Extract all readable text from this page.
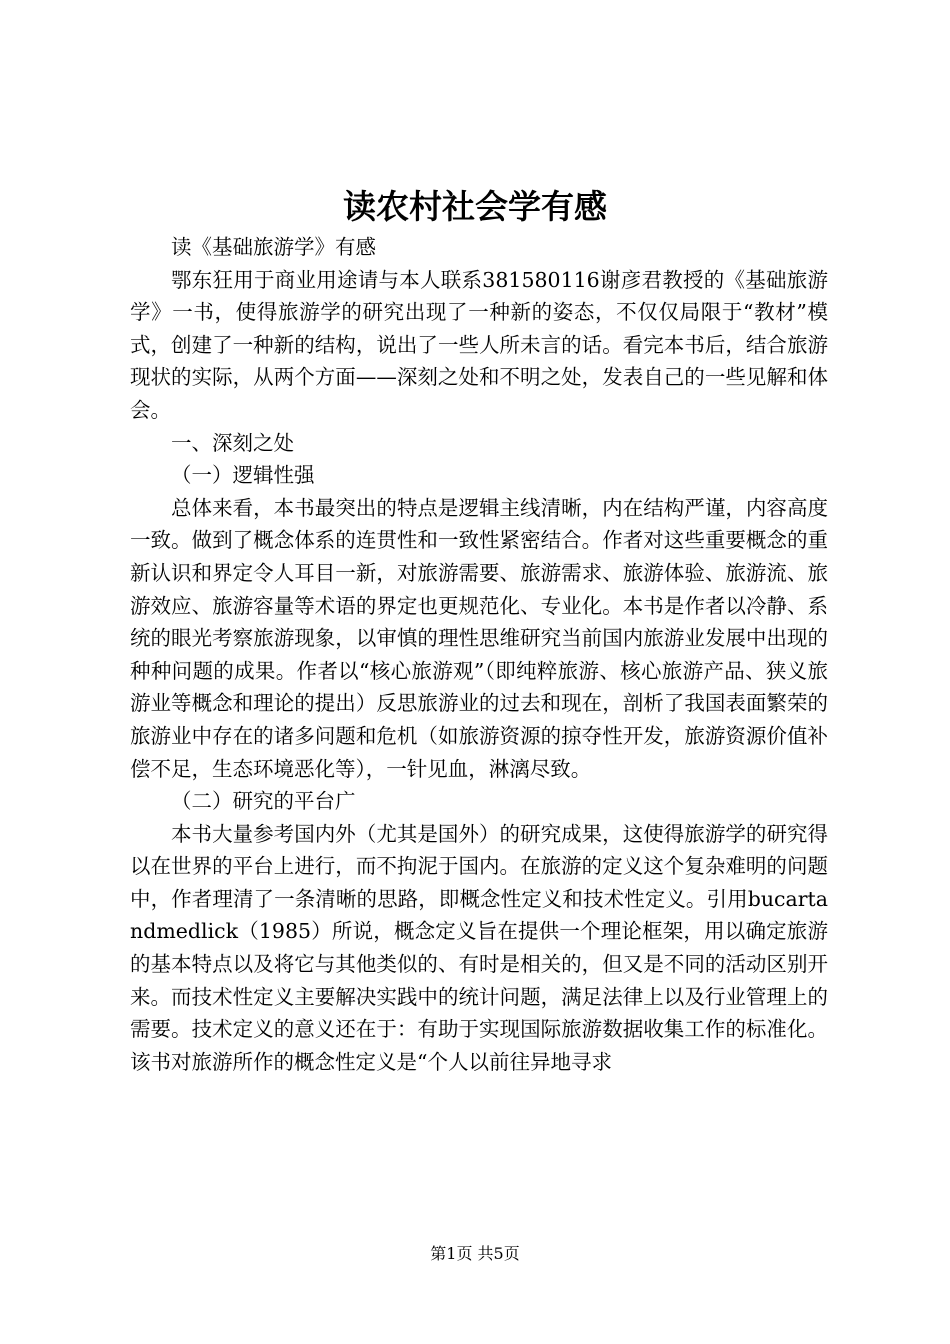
读农村社会学有感

读《基础旅游学》有感

鄂东狂用于商业用途请与本人联系381580116谢彦君教授的《基础旅游学》一书，使得旅游学的研究出现了一种新的姿态，不仅仅局限于“教材”模式，创建了一种新的结构，说出了一些人所未言的话。看完本书后，结合旅游现状的实际，从两个方面——深刻之处和不明之处，发表自己的一些见解和体会。

一、深刻之处

（一）逻辑性强

总体来看，本书最突出的特点是逻辑主线清晰，内在结构严谨，内容高度一致。做到了概念体系的连贯性和一致性紧密结合。作者对这些重要概念的重新认识和界定令人耳目一新，对旅游需要、旅游需求、旅游体验、旅游流、旅游效应、旅游容量等术语的界定也更规范化、专业化。本书是作者以冷静、系统的眼光考察旅游现象，以审慎的理性思维研究当前国内旅游业发展中出现的种种问题的成果。作者以“核心旅游观”（即纯粹旅游、核心旅游产品、狭义旅游业等概念和理论的提出）反思旅游业的过去和现在，剖析了我国表面繁荣的旅游业中存在的诸多问题和危机（如旅游资源的掠夺性开发，旅游资源价值补偿不足，生态环境恶化等），一针见血，淋漓尽致。

（二）研究的平台广

本书大量参考国内外（尤其是国外）的研究成果，这使得旅游学的研究得以在世界的平台上进行，而不拘泥于国内。在旅游的定义这个复杂难明的问题中，作者理清了一条清晰的思路，即概念性定义和技术性定义。引用bucartandmedlick（1985）所说，概念定义旨在提供一个理论框架，用以确定旅游的基本特点以及将它与其他类似的、有时是相关的，但又是不同的活动区别开来。而技术性定义主要解决实践中的统计问题，满足法律上以及行业管理上的需要。技术定义的意义还在于：有助于实现国际旅游数据收集工作的标准化。该书对旅游所作的概念性定义是“个人以前往异地寻求

第1页 共5页
